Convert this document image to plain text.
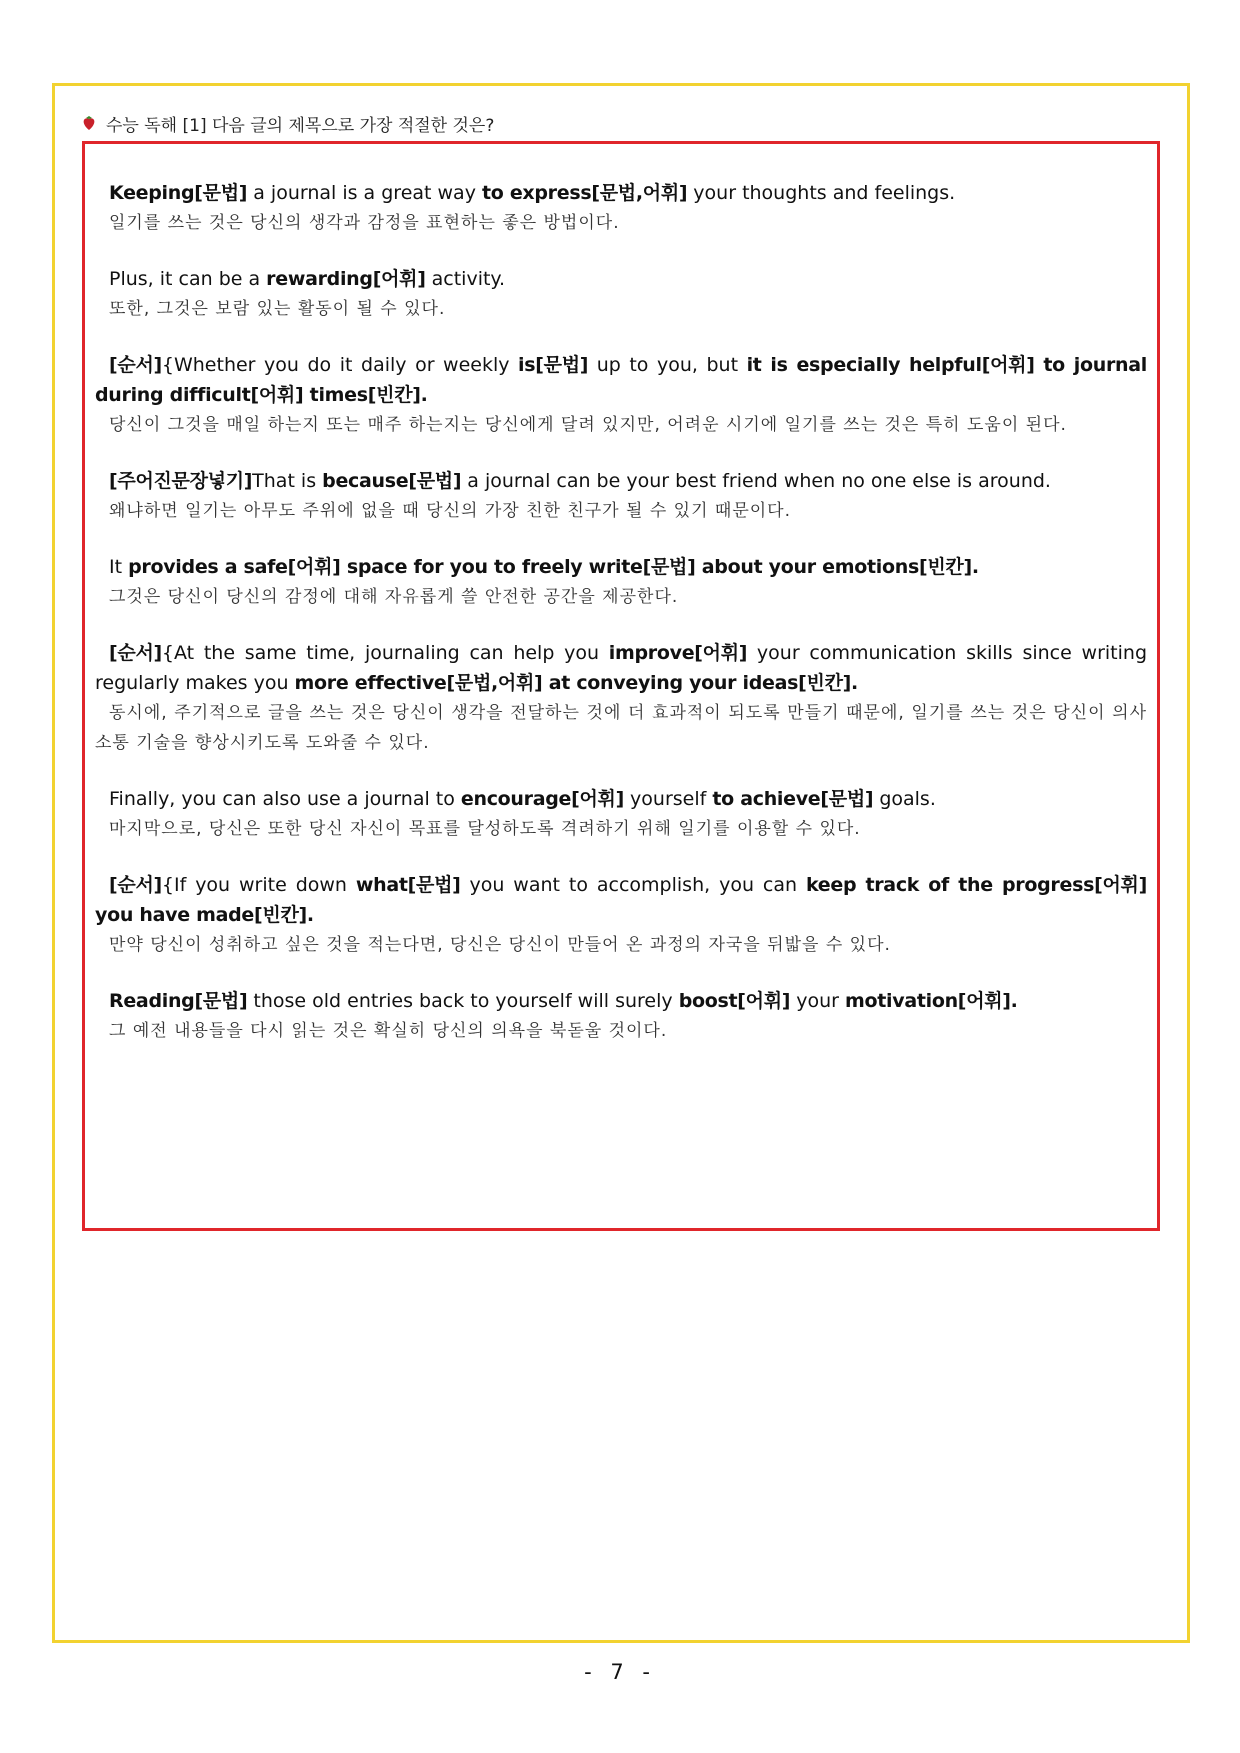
수능 독해 [1] 다음 글의 제목으로 가장 적절한 것은?
Keeping[문법] a journal is a great way to express[문법,어휘] your thoughts and feelings.
일기를 쓰는 것은 당신의 생각과 감정을 표현하는 좋은 방법이다.
Plus, it can be a rewarding[어휘] activity.
또한, 그것은 보람 있는 활동이 될 수 있다.
[순서]{Whether you do it daily or weekly is[문법] up to you, but it is especially helpful[어휘] to journal during difficult[어휘] times[빈칸].
당신이 그것을 매일 하는지 또는 매주 하는지는 당신에게 달려 있지만, 어려운 시기에 일기를 쓰는 것은 특히 도움이 된다.
[주어진문장넣기]That is because[문법] a journal can be your best friend when no one else is around.
왜냐하면 일기는 아무도 주위에 없을 때 당신의 가장 친한 친구가 될 수 있기 때문이다.
It provides a safe[어휘] space for you to freely write[문법] about your emotions[빈칸].
그것은 당신이 당신의 감정에 대해 자유롭게 쓸 안전한 공간을 제공한다.
[순서]{At the same time, journaling can help you improve[어휘] your communication skills since writing regularly makes you more effective[문법,어휘] at conveying your ideas[빈칸].
동시에, 주기적으로 글을 쓰는 것은 당신이 생각을 전달하는 것에 더 효과적이 되도록 만들기 때문에, 일기를 쓰는 것은 당신이 의사소통 기술을 향상시키도록 도와줄 수 있다.
Finally, you can also use a journal to encourage[어휘] yourself to achieve[문법] goals.
마지막으로, 당신은 또한 당신 자신이 목표를 달성하도록 격려하기 위해 일기를 이용할 수 있다.
[순서]{If you write down what[문법] you want to accomplish, you can keep track of the progress[어휘] you have made[빈칸].
만약 당신이 성취하고 싶은 것을 적는다면, 당신은 당신이 만들어 온 과정의 자국을 뒤밟을 수 있다.
Reading[문법] those old entries back to yourself will surely boost[어휘] your motivation[어휘].
그 예전 내용들을 다시 읽는 것은 확실히 당신의 의욕을 북돋울 것이다.
- 7 -
